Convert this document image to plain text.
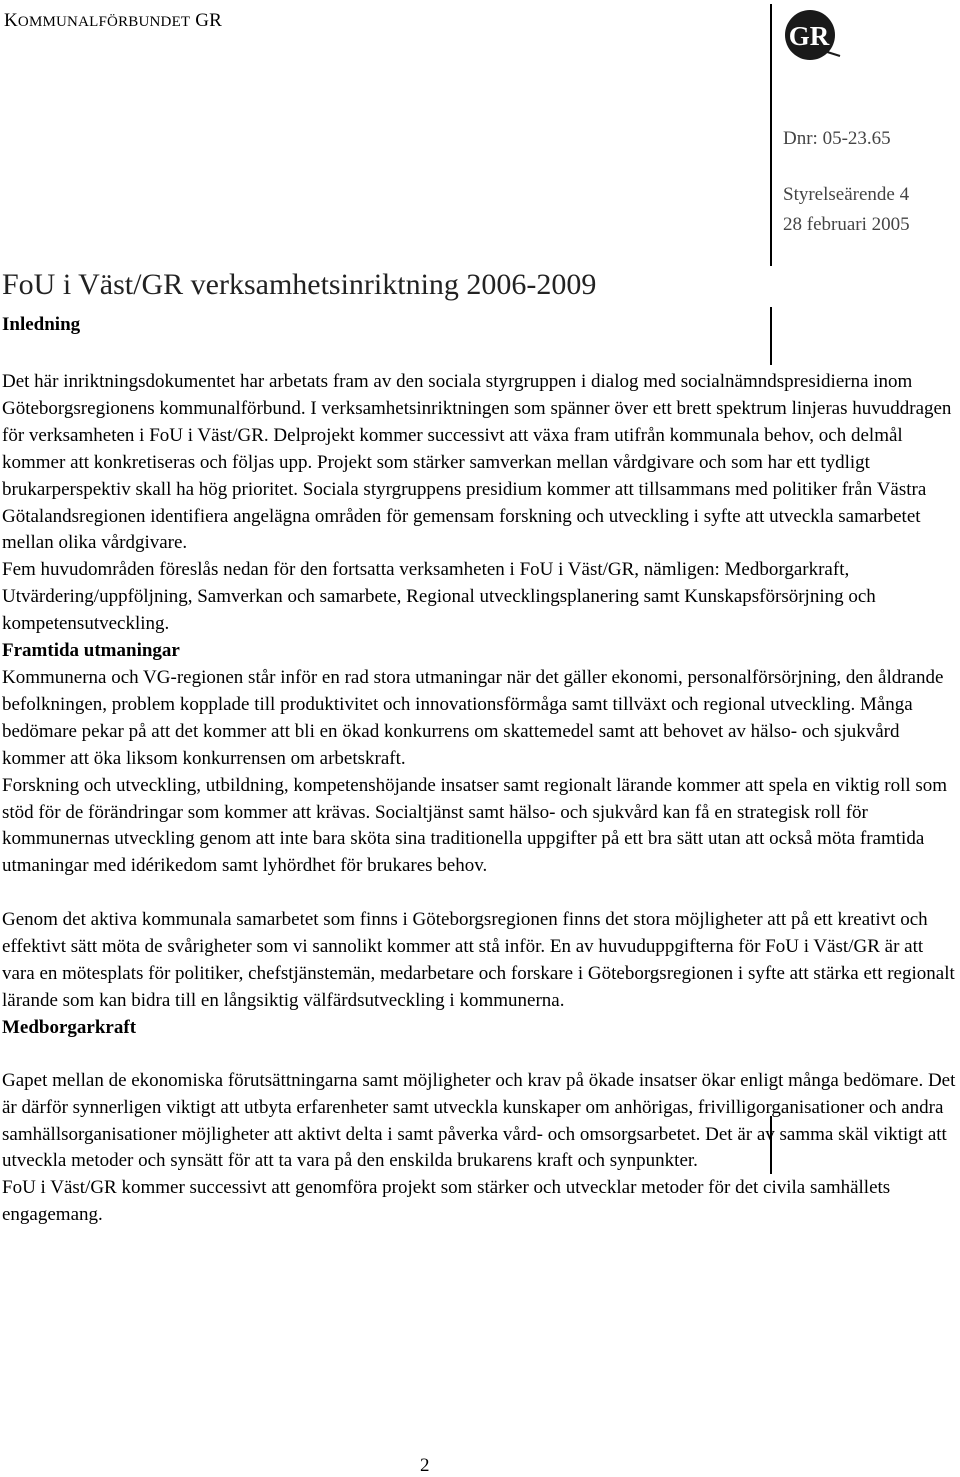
KOMMUNALFÖRBUNDET GR
GR
Dnr: 05-23.65
Styrelseärende 4
28 februari 2005
FoU i Väst/GR verksamhetsinriktning 2006-2009
Inledning

Det här inriktningsdokumentet har arbetats fram av den sociala styrgruppen i dialog med socialnämndspresidierna inom Göteborgsregionens kommunalförbund. I verksamhetsinriktningen som spänner över ett brett spektrum linjeras huvuddragen för verksamheten i FoU i Väst/GR. Delprojekt kommer successivt att växa fram utifrån kommunala behov, och delmål kommer att konkretiseras och följas upp. Projekt som stärker samverkan mellan vårdgivare och som har ett tydligt brukarperspektiv skall ha hög prioritet. Sociala styrgruppens presidium kommer att tillsammans med politiker från Västra Götalandsregionen identifiera angelägna områden för gemensam forskning och utveckling i syfte att utveckla samarbetet mellan olika vårdgivare.

Fem huvudområden föreslås nedan för den fortsatta verksamheten i FoU i Väst/GR, nämligen: Medborgarkraft, Utvärdering/uppföljning, Samverkan och samarbete, Regional utvecklingsplanering samt Kunskapsförsörjning och kompetensutveckling.

Framtida utmaningar

Kommunerna och VG-regionen står inför en rad stora utmaningar när det gäller ekonomi, personalförsörjning, den åldrande befolkningen, problem kopplade till produktivitet och innovationsförmåga samt tillväxt och regional utveckling. Många bedömare pekar på att det kommer att bli en ökad konkurrens om skattemedel samt att behovet av hälso- och sjukvård kommer att öka liksom konkurrensen om arbetskraft.

Forskning och utveckling, utbildning, kompetenshöjande insatser samt regionalt lärande kommer att spela en viktig roll som stöd för de förändringar som kommer att krävas. Socialtjänst samt hälso- och sjukvård kan få en strategisk roll för kommunernas utveckling genom att inte bara sköta sina traditionella uppgifter på ett bra sätt utan att också möta framtida utmaningar med idérikedom samt lyhördhet för brukares behov.

Genom det aktiva kommunala samarbetet som finns i Göteborgsregionen finns det stora möjligheter att på ett kreativt och effektivt sätt möta de svårigheter som vi sannolikt kommer att stå inför. En av huvuduppgifterna för FoU i Väst/GR är att vara en mötesplats för politiker, chefstjänstemän, medarbetare och forskare i Göteborgsregionen i syfte att stärka ett regionalt lärande som kan bidra till en långsiktig välfärdsutveckling i kommunerna.

Medborgarkraft

Gapet mellan de ekonomiska förutsättningarna samt möjligheter och krav på ökade insatser ökar enligt många bedömare. Det är därför synnerligen viktigt att utbyta erfarenheter samt utveckla kunskaper om anhörigas, frivilligorganisationer och andra samhällsorganisationer möjligheter att aktivt delta i samt påverka vård- och omsorgsarbetet. Det är av samma skäl viktigt att utveckla metoder och synsätt för att ta vara på den enskilda brukarens kraft och synpunkter.

FoU i Väst/GR kommer successivt att genomföra projekt som stärker och utvecklar metoder för det civila samhällets engagemang.

2
